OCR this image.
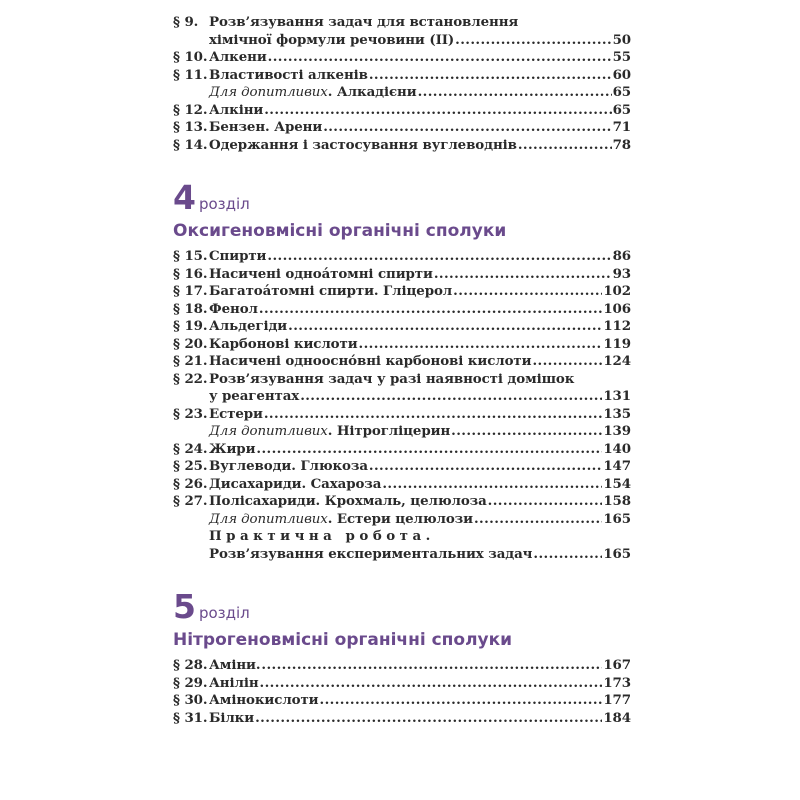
§ 9. Розв’язування задач для встановлення
хімічної формули речовини (II) .....	50
§ 10. Алкени .....	55
§ 11. Властивості алкенів .....	60
Для допитливих. Алкадієни .....	65
§ 12. Алкіни .....	65
§ 13. Бензен. Арени .....	71
§ 14. Одержання і застосування вуглеводнів .....	78
4 розділ
Оксигеновмісні органічні сполуки
§ 15. Спирти .....	86
§ 16. Насичені одноáтомні спирти .....	93
§ 17. Багатоáтомні спирти. Гліцерол .....	102
§ 18. Фенол .....	106
§ 19. Альдегіди .....	112
§ 20. Карбонові кислоти .....	119
§ 21. Насичені одноосно́вні карбонові кислоти .....	124
§ 22. Розв’язування задач у разі наявності домішок
у реагентах .....	131
§ 23. Естери .....	135
Для допитливих. Нітрогліцерин .....	139
§ 24. Жири .....	140
§ 25. Вуглеводи. Глюкоза .....	147
§ 26. Дисахариди. Сахароза .....	154
§ 27. Полісахариди. Крохмаль, целюлоза .....	158
Для допитливих. Естери целюлози .....	165
Практична робота.
Розв’язування експериментальних задач .....	165
5 розділ
Нітрогеновмісні органічні сполуки
§ 28. Аміни. .....	167
§ 29. Анілін .....	173
§ 30. Амінокислоти .....	177
§ 31. Білки .....	184
